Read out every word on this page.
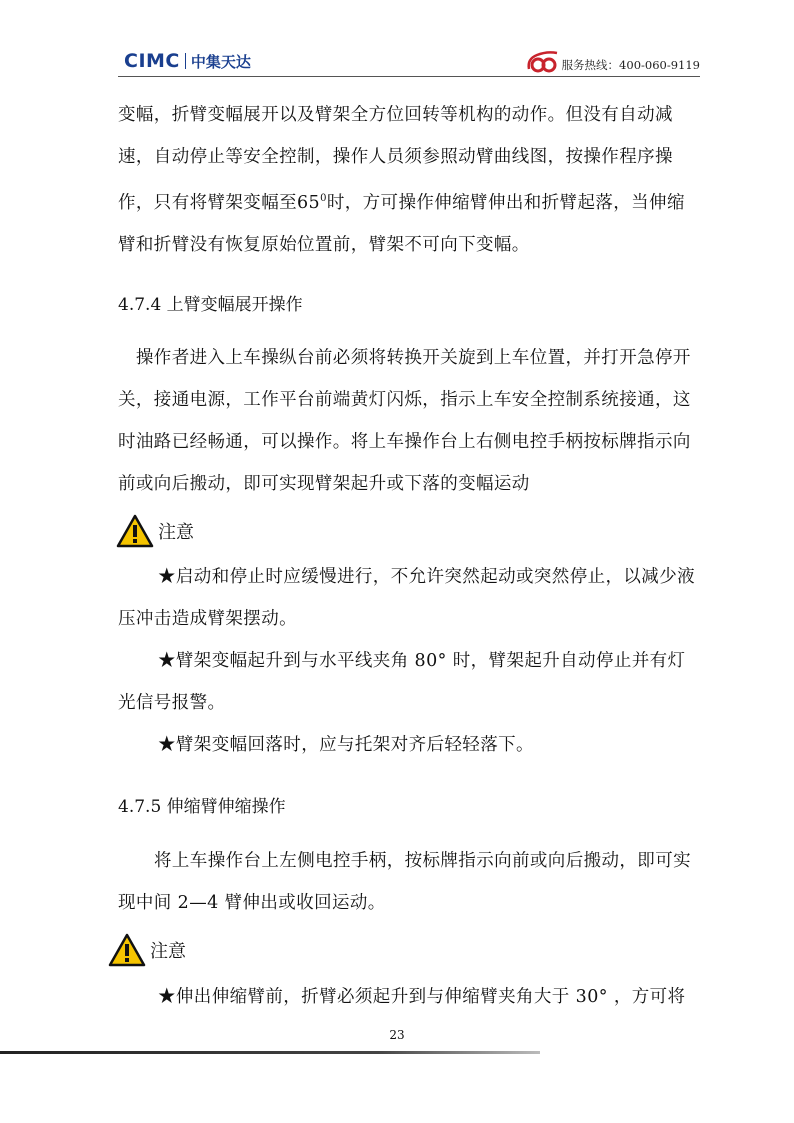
CIMC 中集天达	服务热线：400-060-9119

变幅，折臂变幅展开以及臂架全方位回转等机构的动作。但没有自动减速，自动停止等安全控制，操作人员须参照动臂曲线图，按操作程序操作，只有将臂架变幅至$65^0$时，方可操作伸缩臂伸出和折臂起落，当伸缩臂和折臂没有恢复原始位置前，臂架不可向下变幅。

4.7.4 上臂变幅展开操作

　操作者进入上车操纵台前必须将转换开关旋到上车位置，并打开急停开关，接通电源，工作平台前端黄灯闪烁，指示上车安全控制系统接通，这时油路已经畅通，可以操作。将上车操作台上右侧电控手柄按标牌指示向前或向后搬动，即可实现臂架起升或下落的变幅运动

注意

★启动和停止时应缓慢进行，不允许突然起动或突然停止，以减少液压冲击造成臂架摆动。

★臂架变幅起升到与水平线夹角 80° 时，臂架起升自动停止并有灯光信号报警。

★臂架变幅回落时，应与托架对齐后轻轻落下。

4.7.5 伸缩臂伸缩操作

将上车操作台上左侧电控手柄，按标牌指示向前或向后搬动，即可实现中间 2—4 臂伸出或收回运动。

注意

★伸出伸缩臂前，折臂必须起升到与伸缩臂夹角大于 30° ，方可将

23
